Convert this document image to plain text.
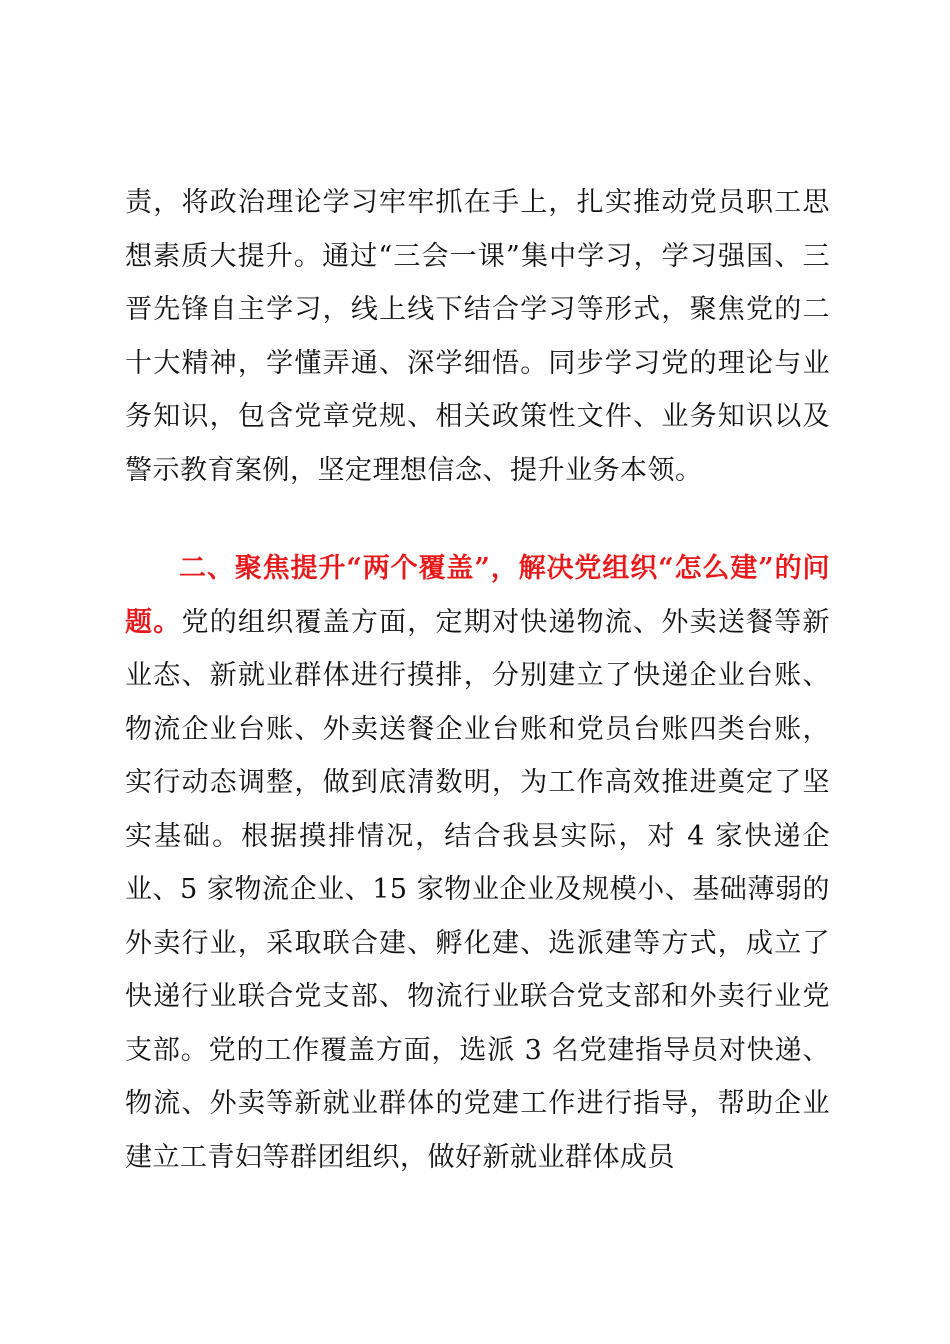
责，将政治理论学习牢牢抓在手上，扎实推动党员职工思想素质大提升。通过“三会一课”集中学习，学习强国、三晋先锋自主学习，线上线下结合学习等形式，聚焦党的二十大精神，学懂弄通、深学细悟。同步学习党的理论与业务知识，包含党章党规、相关政策性文件、业务知识以及警示教育案例，坚定理想信念、提升业务本领。

二、聚焦提升“两个覆盖”，解决党组织“怎么建”的问题。党的组织覆盖方面，定期对快递物流、外卖送餐等新业态、新就业群体进行摸排，分别建立了快递企业台账、物流企业台账、外卖送餐企业台账和党员台账四类台账，实行动态调整，做到底清数明，为工作高效推进奠定了坚实基础。根据摸排情况，结合我县实际，对 4 家快递企业、5 家物流企业、15 家物业企业及规模小、基础薄弱的外卖行业，采取联合建、孵化建、选派建等方式，成立了快递行业联合党支部、物流行业联合党支部和外卖行业党支部。党的工作覆盖方面，选派 3 名党建指导员对快递、物流、外卖等新就业群体的党建工作进行指导，帮助企业建立工青妇等群团组织，做好新就业群体成员
